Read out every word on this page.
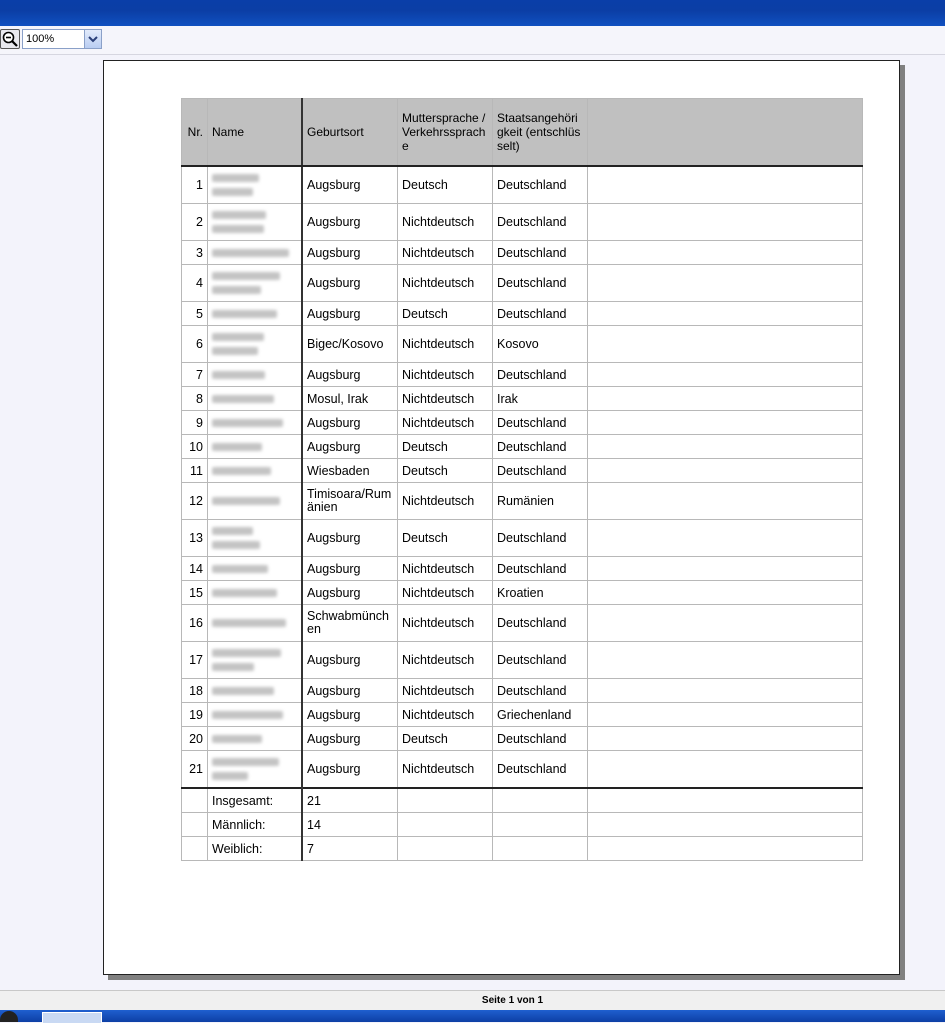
100%
Nr.	Name	Geburtsort	Muttersprache / Verkehrssprache	Staatsangehörigkeit (entschlüsselt)	
1		Augsburg	Deutsch	Deutschland	
2		Augsburg	Nichtdeutsch	Deutschland	
3		Augsburg	Nichtdeutsch	Deutschland	
4		Augsburg	Nichtdeutsch	Deutschland	
5		Augsburg	Deutsch	Deutschland	
6		Bigec/Kosovo	Nichtdeutsch	Kosovo	
7		Augsburg	Nichtdeutsch	Deutschland	
8		Mosul, Irak	Nichtdeutsch	Irak	
9		Augsburg	Nichtdeutsch	Deutschland	
10		Augsburg	Deutsch	Deutschland	
11		Wiesbaden	Deutsch	Deutschland	
12		Timisoara/Rumänien	Nichtdeutsch	Rumänien	
13		Augsburg	Deutsch	Deutschland	
14		Augsburg	Nichtdeutsch	Deutschland	
15		Augsburg	Nichtdeutsch	Kroatien	
16		Schwabmünchen	Nichtdeutsch	Deutschland	
17		Augsburg	Nichtdeutsch	Deutschland	
18		Augsburg	Nichtdeutsch	Deutschland	
19		Augsburg	Nichtdeutsch	Griechenland	
20		Augsburg	Deutsch	Deutschland	
21		Augsburg	Nichtdeutsch	Deutschland	
	Insgesamt:	21			
	Männlich:	14			
	Weiblich:	7			
Seite 1 von 1
